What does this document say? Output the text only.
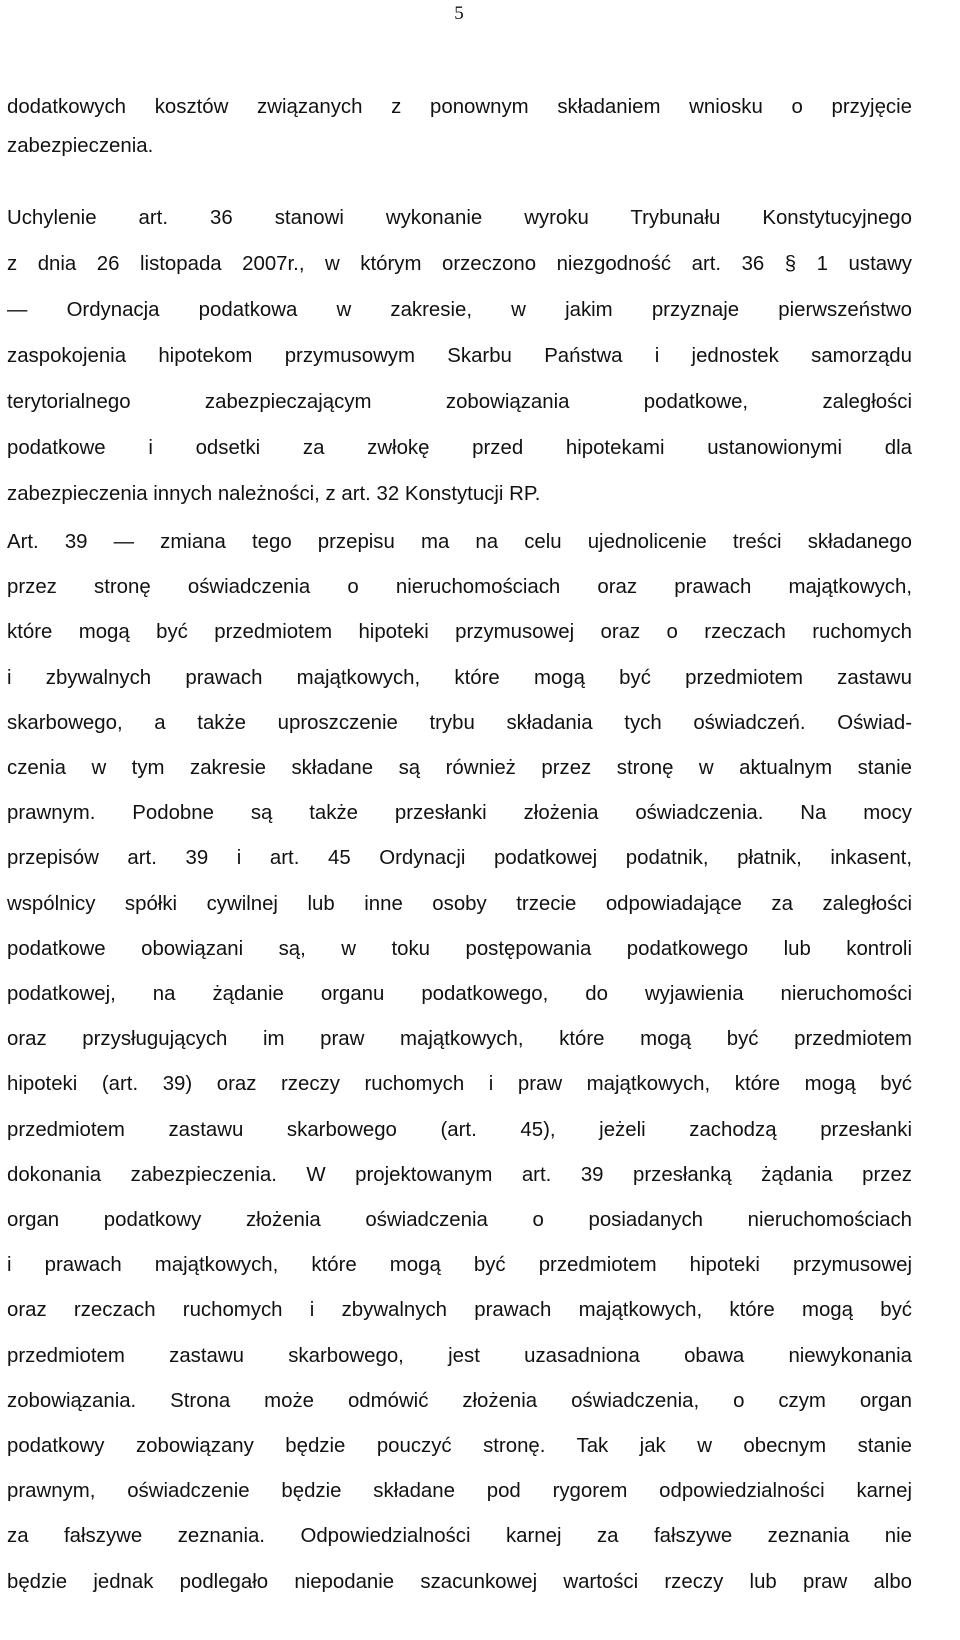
5
dodatkowych kosztów związanych z ponownym składaniem wniosku o przyjęcie
zabezpieczenia.
Uchylenie art. 36 stanowi wykonanie wyroku Trybunału Konstytucyjnego
z dnia 26 listopada 2007r., w którym orzeczono niezgodność art. 36 § 1 ustawy
— Ordynacja podatkowa w zakresie, w jakim przyznaje pierwszeństwo
zaspokojenia hipotekom przymusowym Skarbu Państwa i jednostek samorządu
terytorialnego zabezpieczającym zobowiązania podatkowe, zaległości
podatkowe i odsetki za zwłokę przed hipotekami ustanowionymi dla
zabezpieczenia innych należności, z art. 32 Konstytucji RP.
Art. 39 — zmiana tego przepisu ma na celu ujednolicenie treści składanego
przez stronę oświadczenia o nieruchomościach oraz prawach majątkowych,
które mogą być przedmiotem hipoteki przymusowej oraz o rzeczach ruchomych
i zbywalnych prawach majątkowych, które mogą być przedmiotem zastawu
skarbowego, a także uproszczenie trybu składania tych oświadczeń. Oświad-
czenia w tym zakresie składane są również przez stronę w aktualnym stanie
prawnym. Podobne są także przesłanki złożenia oświadczenia. Na mocy
przepisów art. 39 i art. 45 Ordynacji podatkowej podatnik, płatnik, inkasent,
wspólnicy spółki cywilnej lub inne osoby trzecie odpowiadające za zaległości
podatkowe obowiązani są, w toku postępowania podatkowego lub kontroli
podatkowej, na żądanie organu podatkowego, do wyjawienia nieruchomości
oraz przysługujących im praw majątkowych, które mogą być przedmiotem
hipoteki (art. 39) oraz rzeczy ruchomych i praw majątkowych, które mogą być
przedmiotem zastawu skarbowego (art. 45), jeżeli zachodzą przesłanki
dokonania zabezpieczenia. W projektowanym art. 39 przesłanką żądania przez
organ podatkowy złożenia oświadczenia o posiadanych nieruchomościach
i prawach majątkowych, które mogą być przedmiotem hipoteki przymusowej
oraz rzeczach ruchomych i zbywalnych prawach majątkowych, które mogą być
przedmiotem zastawu skarbowego, jest uzasadniona obawa niewykonania
zobowiązania. Strona może odmówić złożenia oświadczenia, o czym organ
podatkowy zobowiązany będzie pouczyć stronę. Tak jak w obecnym stanie
prawnym, oświadczenie będzie składane pod rygorem odpowiedzialności karnej
za fałszywe zeznania. Odpowiedzialności karnej za fałszywe zeznania nie
będzie jednak podlegało niepodanie szacunkowej wartości rzeczy lub praw albo
